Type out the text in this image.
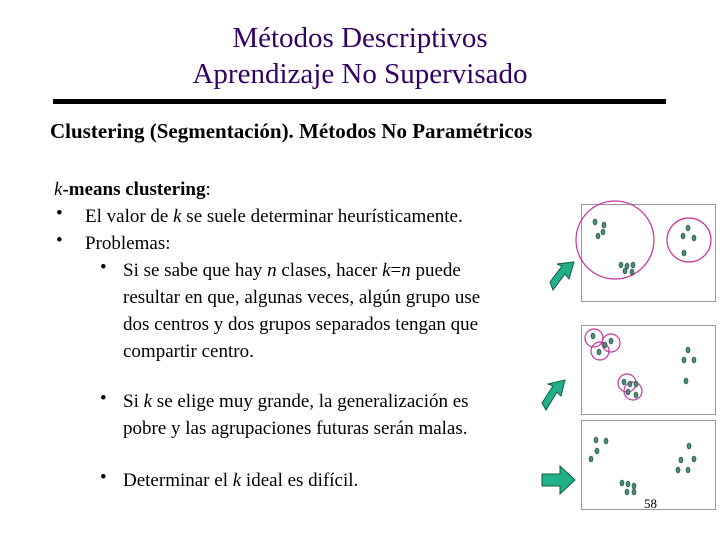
Métodos Descriptivos
Aprendizaje No Supervisado
Clustering (Segmentación). Métodos No Paramétricos
k-means clustering:
• El valor de k se suele determinar heurísticamente.
• Problemas:
• Si se sabe que hay n clases, hacer k=n puede
resultar en que, algunas veces, algún grupo use
dos centros y dos grupos separados tengan que
compartir centro.
• Si k se elige muy grande, la generalización es
pobre y las agrupaciones futuras serán malas.
• Determinar el k ideal es difícil.
58
